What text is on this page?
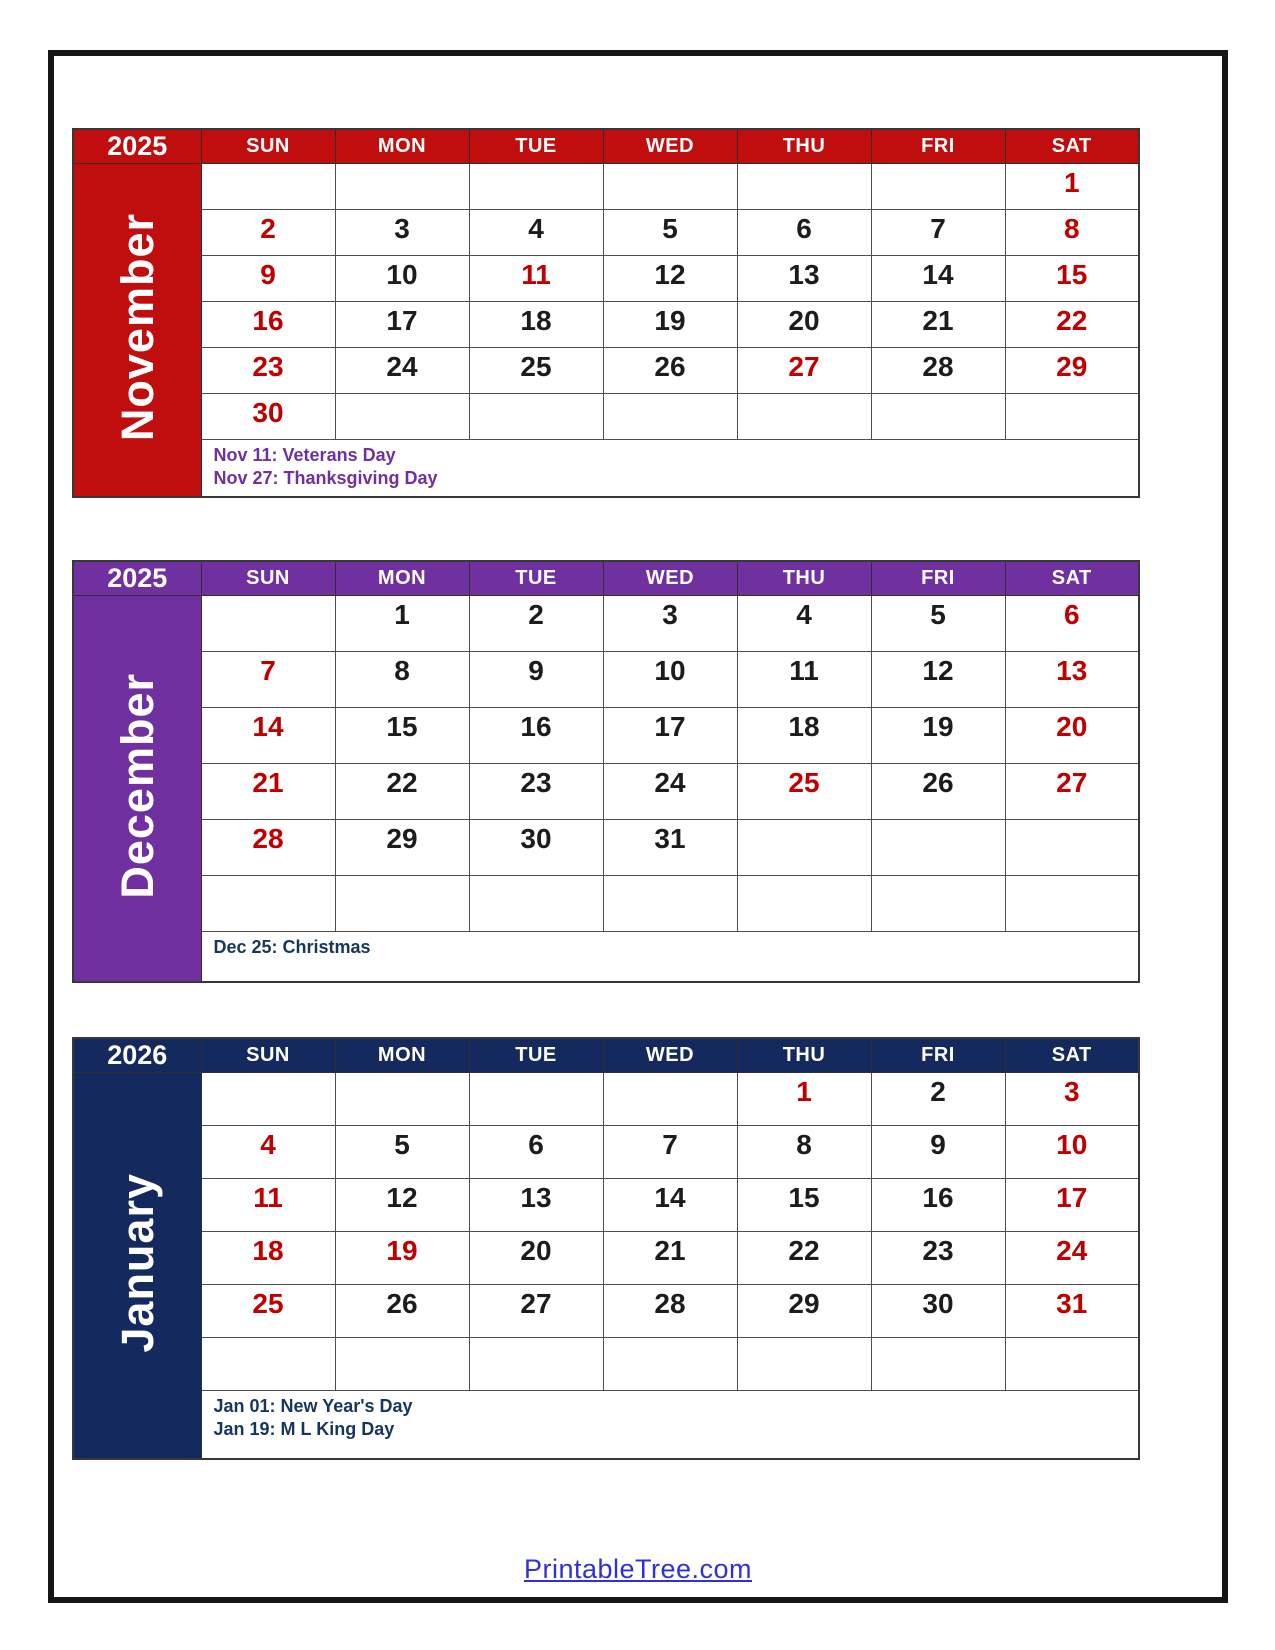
2025	SUN	MON	TUE	WED	THU	FRI	SAT
November							1
	2	3	4	5	6	7	8
	9	10	11	12	13	14	15
	16	17	18	19	20	21	22
	23	24	25	26	27	28	29
	30						

	Nov 11: Veterans Day
Nov 27: Thanksgiving Day						
2025	SUN	MON	TUE	WED	THU	FRI	SAT
December		1	2	3	4	5	6
	7	8	9	10	11	12	13
	14	15	16	17	18	19	20
	21	22	23	24	25	26	27
	28	29	30	31			

	Dec 25: Christmas						
2026	SUN	MON	TUE	WED	THU	FRI	SAT
January					1	2	3
	4	5	6	7	8	9	10
	11	12	13	14	15	16	17
	18	19	20	21	22	23	24
	25	26	27	28	29	30	31

	Jan 01: New Year's Day
Jan 19: M L King Day						
PrintableTree.com
